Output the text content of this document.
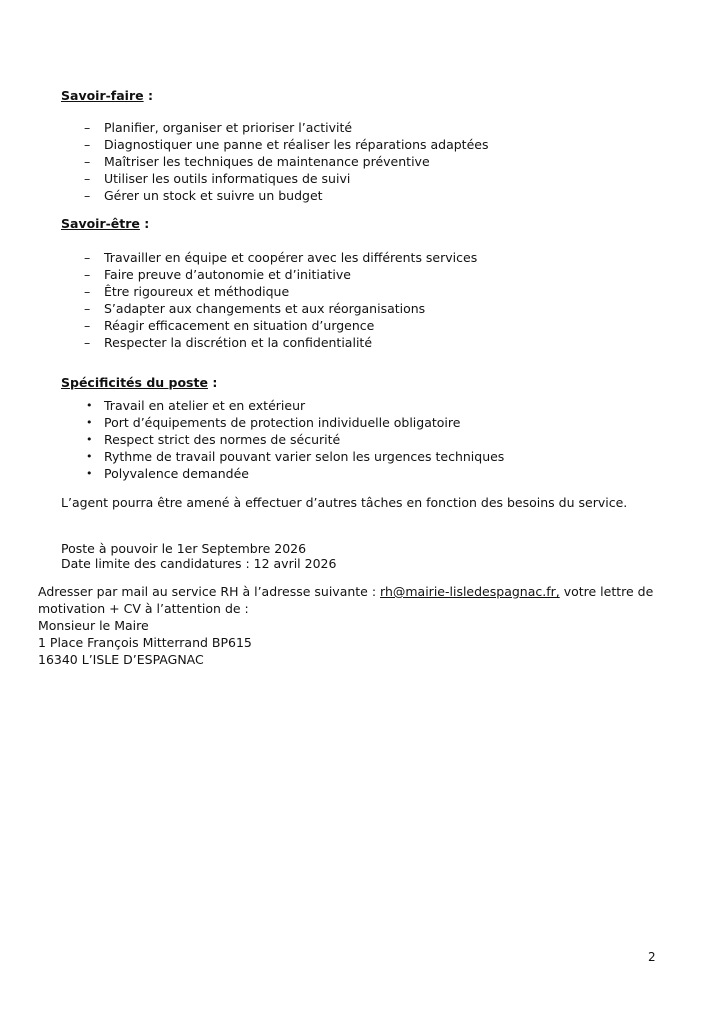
Savoir-faire :

– Planifier, organiser et prioriser l’activité
– Diagnostiquer une panne et réaliser les réparations adaptées
– Maîtriser les techniques de maintenance préventive
– Utiliser les outils informatiques de suivi
– Gérer un stock et suivre un budget

Savoir-être :

– Travailler en équipe et coopérer avec les différents services
– Faire preuve d’autonomie et d’initiative
– Être rigoureux et méthodique
– S’adapter aux changements et aux réorganisations
– Réagir efficacement en situation d’urgence
– Respecter la discrétion et la confidentialité

Spécificités du poste :

• Travail en atelier et en extérieur
• Port d’équipements de protection individuelle obligatoire
• Respect strict des normes de sécurité
• Rythme de travail pouvant varier selon les urgences techniques
• Polyvalence demandée

L’agent pourra être amené à effectuer d’autres tâches en fonction des besoins du service.

Poste à pouvoir le 1er Septembre 2026

Date limite des candidatures : 12 avril 2026

Adresser par mail au service RH à l’adresse suivante : rh@mairie-lisledespagnac.fr, votre lettre de

motivation + CV à l’attention de :

Monsieur le Maire

1 Place François Mitterrand BP615

16340 L’ISLE D’ESPAGNAC

2
